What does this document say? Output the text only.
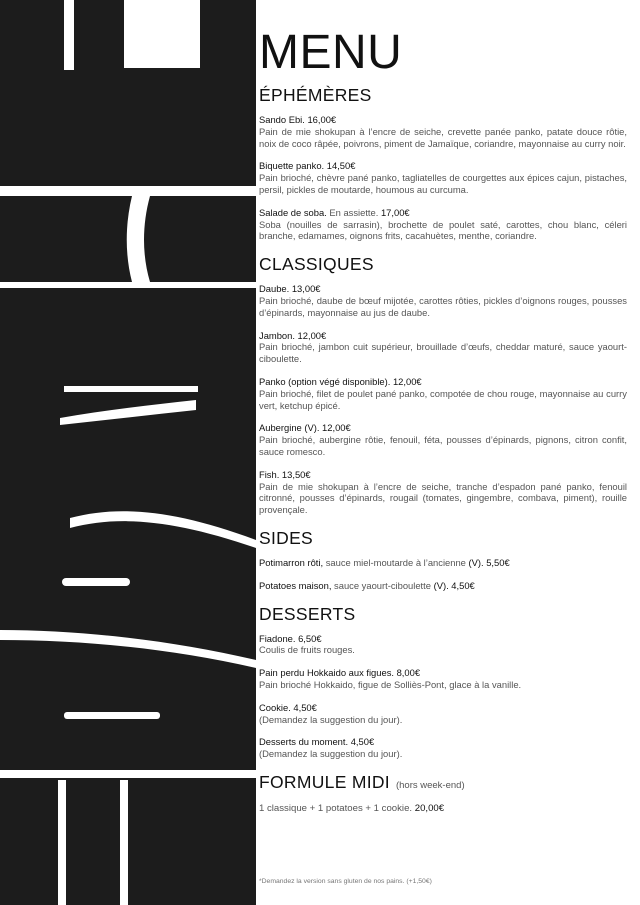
MENU
ÉPHÉMÈRES
Sando Ebi. 16,00€
Pain de mie shokupan à l’encre de seiche, crevette panée panko, patate douce rôtie, noix de coco râpée, poivrons, piment de Jamaïque, coriandre, mayonnaise au curry noir.
Biquette panko. 14,50€
Pain brioché, chèvre pané panko, tagliatelles de courgettes aux épices cajun, pistaches, persil, pickles de moutarde, houmous au curcuma.
Salade de soba. En assiette. 17,00€
Soba (nouilles de sarrasin), brochette de poulet saté, carottes, chou blanc, céleri branche, edamames, oignons frits, cacahuètes, menthe, coriandre.
CLASSIQUES
Daube. 13,00€
Pain brioché, daube de bœuf mijotée, carottes rôties, pickles d’oignons rouges, pousses d’épinards, mayonnaise au jus de daube.
Jambon. 12,00€
Pain brioché, jambon cuit supérieur, brouillade d’œufs, cheddar maturé, sauce yaourt-ciboulette.
Panko (option végé disponible). 12,00€
Pain brioché, filet de poulet pané panko, compotée de chou rouge, mayonnaise au curry vert, ketchup épicé.
Aubergine (V). 12,00€
Pain brioché, aubergine rôtie, fenouil, féta, pousses d’épinards, pignons, citron confit, sauce romesco.
Fish. 13,50€
Pain de mie shokupan à l’encre de seiche, tranche d’espadon pané panko, fenouil citronné, pousses d’épinards, rougail (tomates, gingembre, combava, piment), rouille provençale.
SIDES
Potimarron rôti, sauce miel-moutarde à l’ancienne (V). 5,50€
Potatoes maison, sauce yaourt-ciboulette (V). 4,50€
DESSERTS
Fiadone. 6,50€
Coulis de fruits rouges.
Pain perdu Hokkaido aux figues. 8,00€
Pain brioché Hokkaido, figue de Solliès-Pont, glace à la vanille.
Cookie. 4,50€
(Demandez la suggestion du jour).
Desserts du moment. 4,50€
(Demandez la suggestion du jour).
FORMULE MIDI (hors week-end)
1 classique + 1 potatoes + 1 cookie. 20,00€
*Demandez la version sans gluten de nos pains. (+1,50€)
